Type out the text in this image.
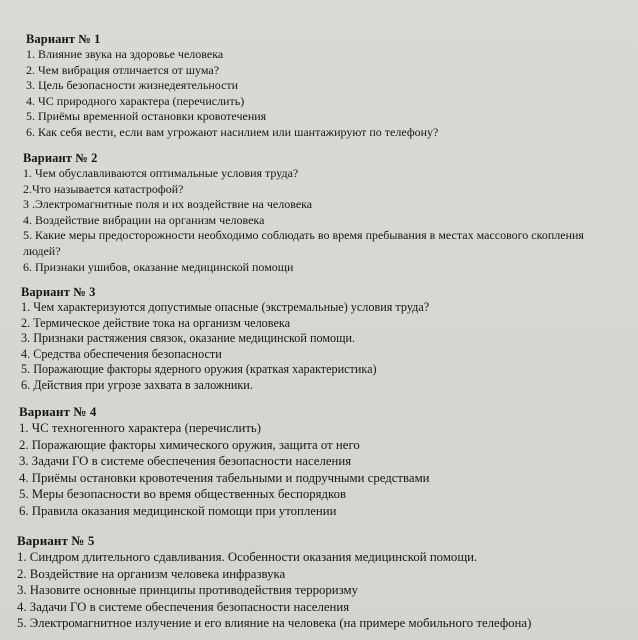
Вариант № 1
1. Влияние звука на здоровье человека
2. Чем вибрация отличается от шума?
3. Цель безопасности жизнедеятельности
4. ЧС природного характера (перечислить)
5. Приёмы временной остановки кровотечения
6. Как себя вести, если вам угрожают насилием или шантажируют по телефону?
Вариант № 2
1. Чем обуславливаются оптимальные условия труда?
2.Что называется катастрофой?
3 .Электромагнитные поля и их воздействие на человека
4. Воздействие вибрации на организм человека
5. Какие меры предосторожности необходимо соблюдать во время пребывания в местах массового скопления людей?
6. Признаки ушибов, оказание медицинской помощи
Вариант № 3
1. Чем характеризуются допустимые опасные (экстремальные) условия труда?
2. Термическое действие тока на организм человека
3. Признаки растяжения связок, оказание медицинской помощи.
4. Средства обеспечения безопасности
5. Поражающие факторы ядерного оружия (краткая характеристика)
6. Действия при угрозе захвата в заложники.
Вариант № 4
1. ЧС техногенного характера (перечислить)
2. Поражающие факторы химического оружия, защита от него
3. Задачи ГО в системе обеспечения безопасности населения
4. Приёмы остановки кровотечения табельными и подручными средствами
5. Меры безопасности во время общественных беспорядков
6. Правила оказания медицинской помощи при утоплении
Вариант № 5
1. Синдром длительного сдавливания. Особенности оказания медицинской помощи.
2. Воздействие на организм человека инфразвука
3. Назовите основные принципы противодействия терроризму
4. Задачи ГО в системе обеспечения безопасности населения
5. Электромагнитное излучение и его влияние на человека (на примере мобильного телефона)
